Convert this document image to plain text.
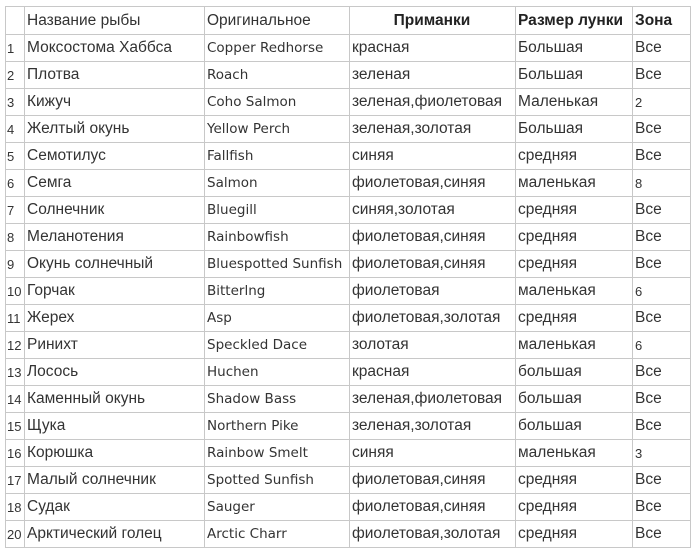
	Название рыбы	Оригинальное	Приманки	Размер лунки	Зона
1	Моксостома Хаббса	Copper Redhorse	красная	Большая	Все
2	Плотва	Roach	зеленая	Большая	Все
3	Кижуч	Coho Salmon	зеленая,фиолетовая	Маленькая	2
4	Желтый окунь	Yellow Perch	зеленая,золотая	Большая	Все
5	Семотилус	Fallfish	синяя	средняя	Все
6	Семга	Salmon	фиолетовая,синяя	маленькая	8
7	Солнечник	Bluegill	синяя,золотая	средняя	Все
8	Меланотения	Rainbowfish	фиолетовая,синяя	средняя	Все
9	Окунь солнечный	Bluespotted Sunfish	фиолетовая,синяя	средняя	Все
10	Горчак	Bitterlng	фиолетовая	маленькая	6
11	Жерех	Asp	фиолетовая,золотая	средняя	Все
12	Ринихт	Speckled Dace	золотая	маленькая	6
13	Лосось	Huchen	красная	большая	Все
14	Каменный окунь	Shadow Bass	зеленая,фиолетовая	большая	Все
15	Щука	Northern Pike	зеленая,золотая	большая	Все
16	Корюшка	Rainbow Smelt	синяя	маленькая	3
17	Малый солнечник	Spotted Sunfish	фиолетовая,синяя	средняя	Все
18	Судак	Sauger	фиолетовая,синяя	средняя	Все
20	Арктический голец	Arctic Charr	фиолетовая,золотая	средняя	Все
